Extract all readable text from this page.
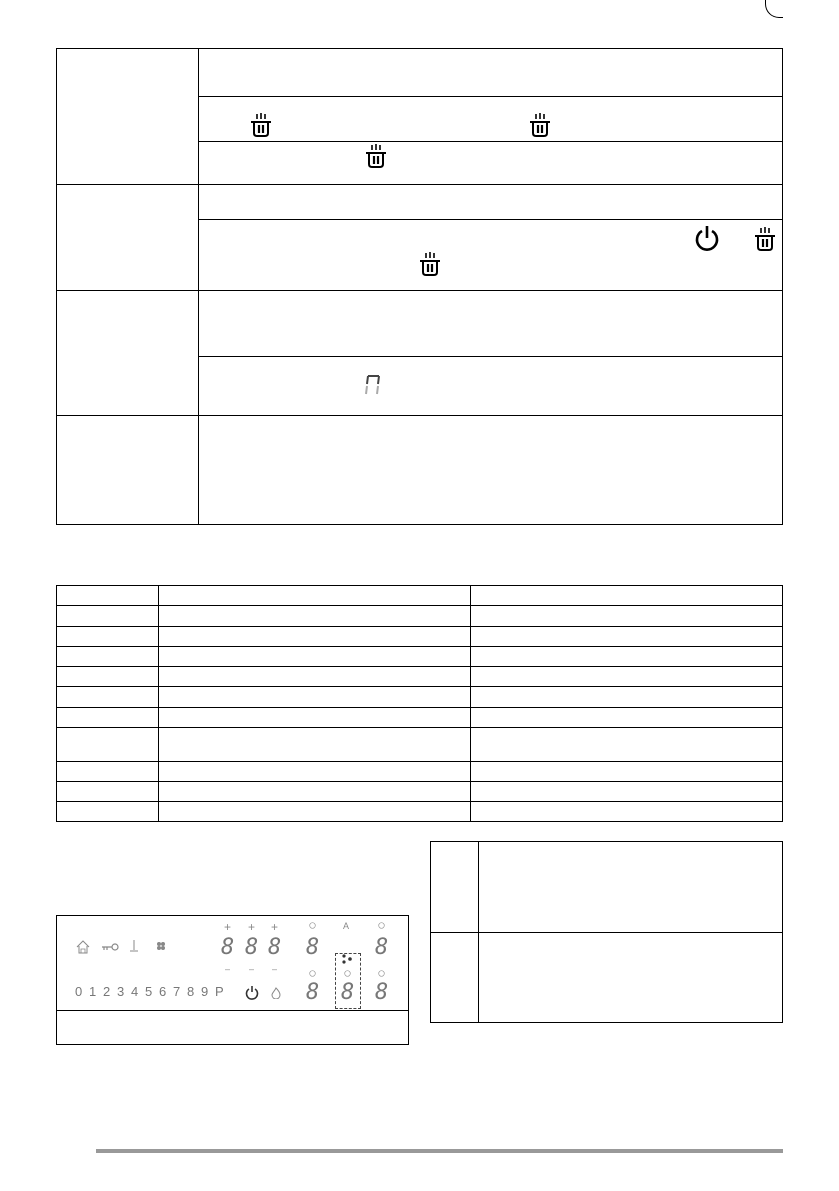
0 1 2 3 4 5 6 7 8 9 P
+ + +
8 8 8
– – –
8
8
A
8
8
8
